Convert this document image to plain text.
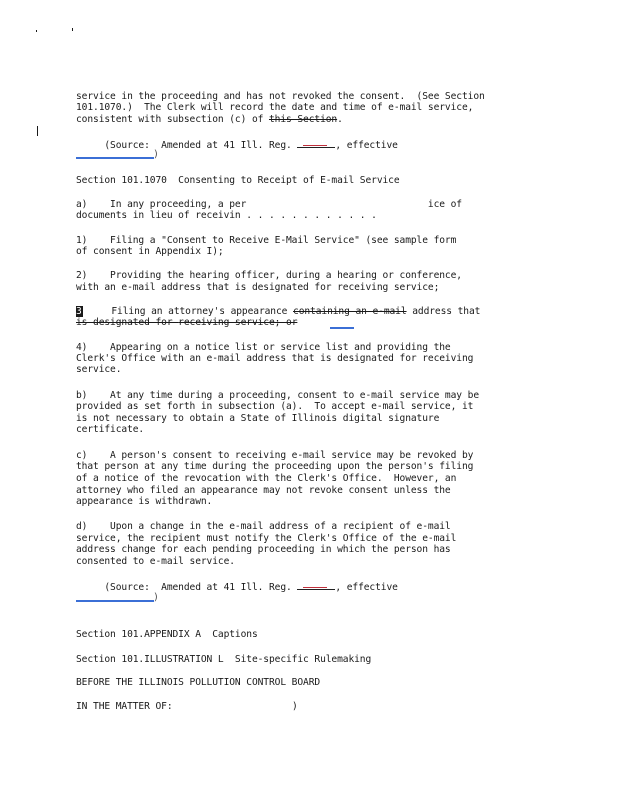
service in the proceeding and has not revoked the consent.  (See Section
101.1070.)  The Clerk will record the date and time of e-mail service,
consistent with subsection (c) of this Section.
(Source:  Amended at 41 Ill. Reg.	, effective
)
Section 101.1070  Consenting to Receipt of E-mail Service
a)    In any proceeding, a per                                ice of
documents in lieu of receivin . . . . . . . . . . . .
1)    Filing a "Consent to Receive E-Mail Service" (see sample form
of consent in Appendix I);
2)    Providing the hearing officer, during a hearing or conference,
with an e-mail address that is designated for receiving service;
3     Filing an attorney's appearance containing an e-mail address that
is designated for receiving service; or
4)    Appearing on a notice list or service list and providing the
Clerk's Office with an e-mail address that is designated for receiving
service.
b)    At any time during a proceeding, consent to e-mail service may be
provided as set forth in subsection (a).  To accept e-mail service, it
is not necessary to obtain a State of Illinois digital signature
certificate.
c)    A person's consent to receiving e-mail service may be revoked by
that person at any time during the proceeding upon the person's filing
of a notice of the revocation with the Clerk's Office.  However, an
attorney who filed an appearance may not revoke consent unless the
appearance is withdrawn.
d)    Upon a change in the e-mail address of a recipient of e-mail
service, the recipient must notify the Clerk's Office of the e-mail
address change for each pending proceeding in which the person has
consented to e-mail service.
(Source:  Amended at 41 Ill. Reg.	, effective
)
Section 101.APPENDIX A  Captions
Section 101.ILLUSTRATION L  Site-specific Rulemaking
BEFORE THE ILLINOIS POLLUTION CONTROL BOARD
IN THE MATTER OF:	)
